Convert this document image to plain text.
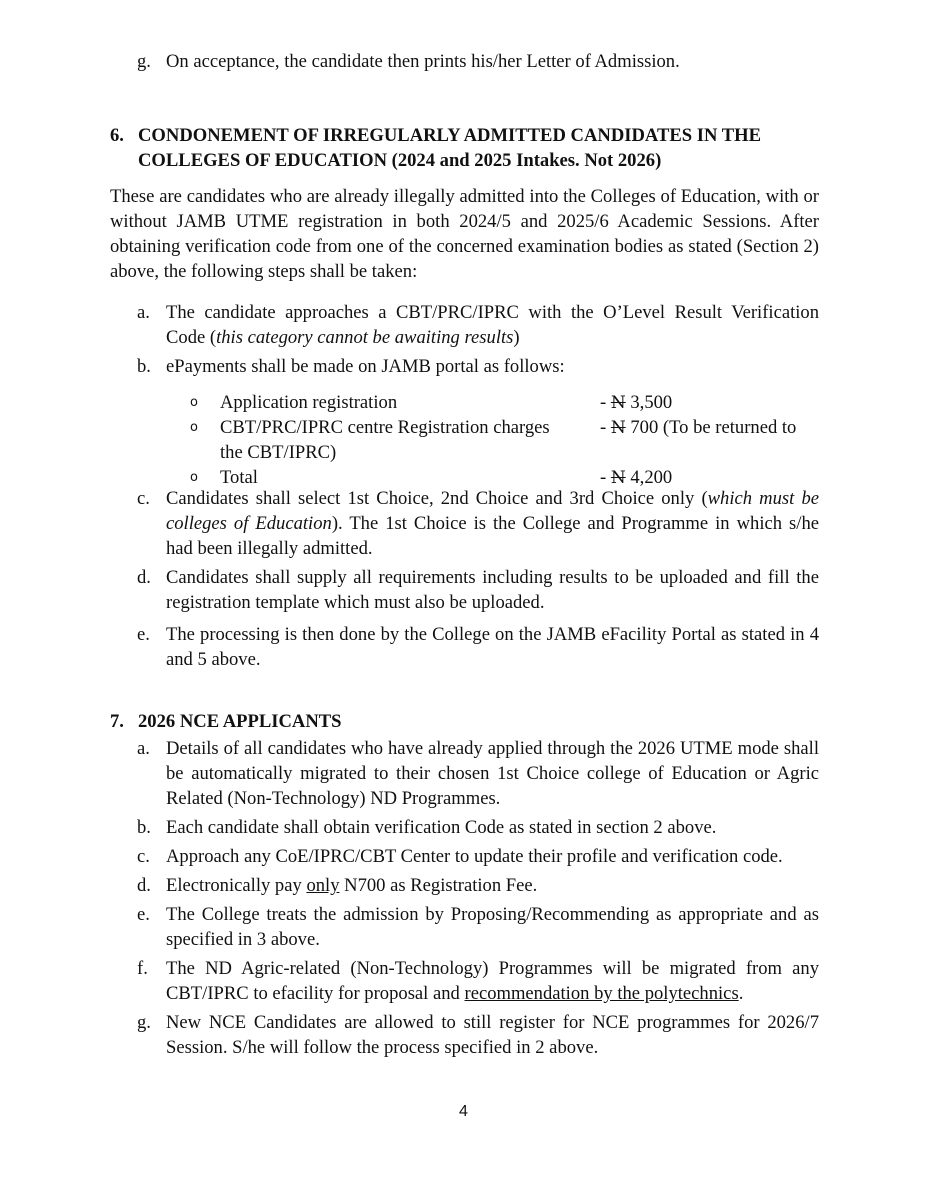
g. On acceptance, the candidate then prints his/her Letter of Admission.
6. CONDONEMENT OF IRREGULARLY ADMITTED CANDIDATES IN THE
COLLEGES OF EDUCATION (2024 and 2025 Intakes. Not 2026)
These are candidates who are already illegally admitted into the Colleges of Education, with or without JAMB UTME registration in both 2024/5 and 2025/6 Academic Sessions. After obtaining verification code from one of the concerned examination bodies as stated (Section 2) above, the following steps shall be taken:
a. The candidate approaches a CBT/PRC/IPRC with the O’Level Result Verification Code (this category cannot be awaiting results)
b. ePayments shall be made on JAMB portal as follows:
o	Application registration	- N 3,500
o	CBT/PRC/IPRC centre Registration charges	- N 700 (To be returned to
the CBT/IPRC)
o	Total	- N 4,200
c. Candidates shall select 1st Choice, 2nd Choice and 3rd Choice only (which must be colleges of Education). The 1st Choice is the College and Programme in which s/he had been illegally admitted.
d. Candidates shall supply all requirements including results to be uploaded and fill the registration template which must also be uploaded.
e. The processing is then done by the College on the JAMB eFacility Portal as stated in 4 and 5 above.
7. 2026 NCE APPLICANTS
a. Details of all candidates who have already applied through the 2026 UTME mode shall be automatically migrated to their chosen 1st Choice college of Education or Agric Related (Non-Technology) ND Programmes.
b. Each candidate shall obtain verification Code as stated in section 2 above.
c. Approach any CoE/IPRC/CBT Center to update their profile and verification code.
d. Electronically pay only N700 as Registration Fee.
e. The College treats the admission by Proposing/Recommending as appropriate and as specified in 3 above.
f. The ND Agric-related (Non-Technology) Programmes will be migrated from any CBT/IPRC to efacility for proposal and recommendation by the polytechnics.
g. New NCE Candidates are allowed to still register for NCE programmes for 2026/7 Session. S/he will follow the process specified in 2 above.
4
